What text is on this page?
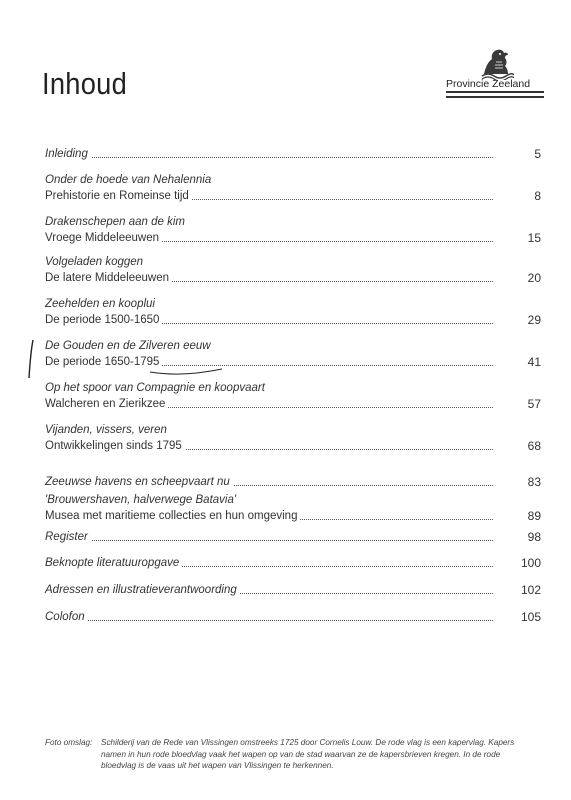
Inhoud	Provincie Zeeland
Inleiding	5
Onder de hoede van Nehalennia
Prehistorie en Romeinse tijd	8
Drakenschepen aan de kim
Vroege Middeleeuwen	15
Volgeladen koggen
De latere Middeleeuwen	20
Zeehelden en kooplui
De periode 1500-1650	29
De Gouden en de Zilveren eeuw
De periode 1650-1795	41
Op het spoor van Compagnie en koopvaart
Walcheren en Zierikzee	57
Vijanden, vissers, veren
Ontwikkelingen sinds 1795	68
Zeeuwse havens en scheepvaart nu	83
'Brouwershaven, halverwege Batavia'
Musea met maritieme collecties en hun omgeving	89
Register	98
Beknopte literatuuropgave	100
Adressen en illustratieverantwoording	102
Colofon	105
Foto omslag: Schilderij van de Rede van Vlissingen omstreeks 1725 door Cornelis Louw. De rode vlag is een kapervlag. Kapers namen in hun rode bloedvlag vaak het wapen op van de stad waarvan ze de kapersbrieven kregen. In de rode bloedvlag is de vaas uit het wapen van Vlissingen te herkennen.
